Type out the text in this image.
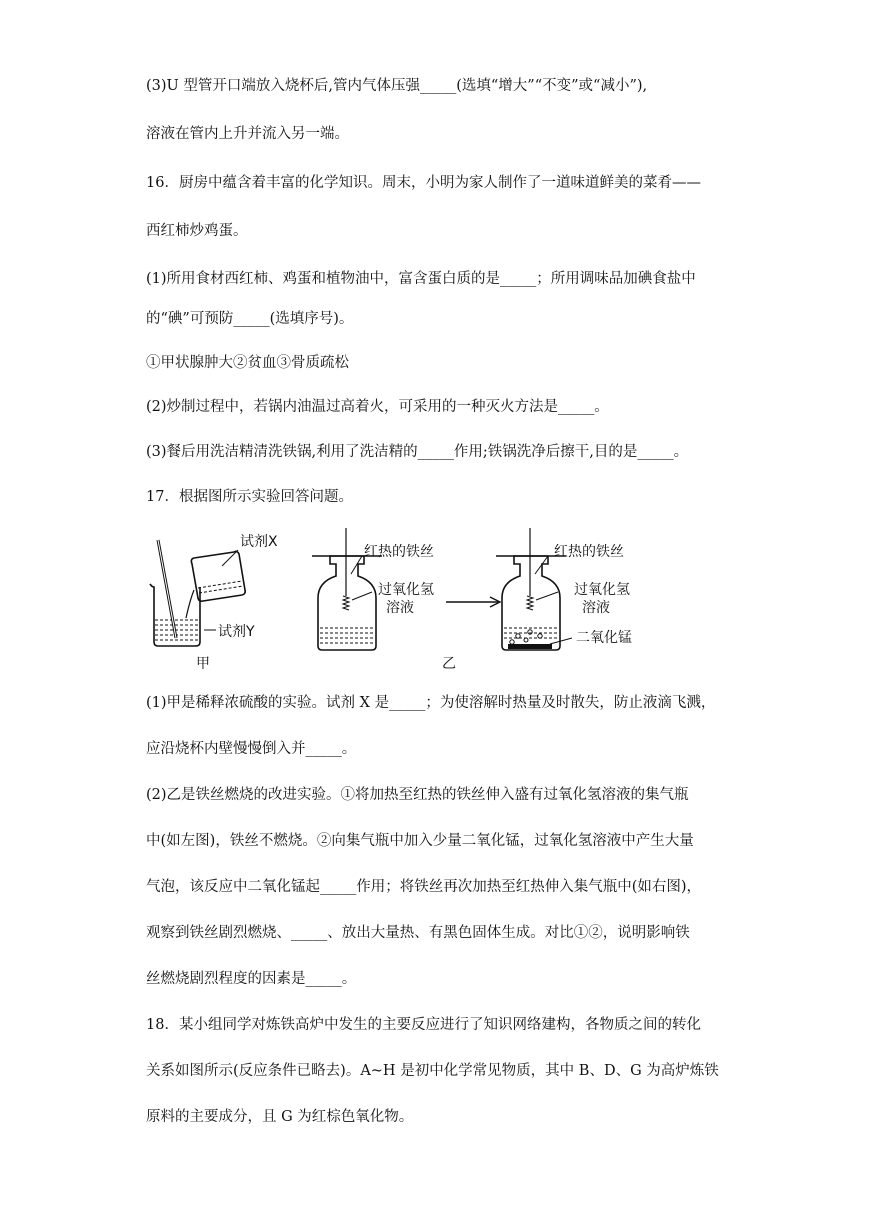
(3)U 型管开口端放入烧杯后,管内气体压强_____(选填“增大”“不变”或“减小”),
溶液在管内上升并流入另一端。
16．厨房中蕴含着丰富的化学知识。周末，小明为家人制作了一道味道鲜美的菜肴——
西红柿炒鸡蛋。
(1)所用食材西红柿、鸡蛋和植物油中，富含蛋白质的是_____；所用调味品加碘食盐中
的“碘”可预防_____(选填序号)。
①甲状腺肿大②贫血③骨质疏松
(2)炒制过程中，若锅内油温过高着火，可采用的一种灭火方法是_____。
(3)餐后用洗洁精清洗铁锅,利用了洗洁精的_____作用;铁锅洗净后擦干,目的是_____。
17．根据图所示实验回答问题。
试剂X
试剂Y
甲
红热的铁丝
过氧化氢
溶液
乙
红热的铁丝
过氧化氢
溶液
二氧化锰
(1)甲是稀释浓硫酸的实验。试剂 X 是_____；为使溶解时热量及时散失，防止液滴飞溅，
应沿烧杯内壁慢慢倒入并_____。
(2)乙是铁丝燃烧的改进实验。①将加热至红热的铁丝伸入盛有过氧化氢溶液的集气瓶
中(如左图)，铁丝不燃烧。②向集气瓶中加入少量二氧化锰，过氧化氢溶液中产生大量
气泡，该反应中二氧化锰起_____作用；将铁丝再次加热至红热伸入集气瓶中(如右图)，
观察到铁丝剧烈燃烧、_____、放出大量热、有黑色固体生成。对比①②，说明影响铁
丝燃烧剧烈程度的因素是_____。
18．某小组同学对炼铁高炉中发生的主要反应进行了知识网络建构，各物质之间的转化
关系如图所示(反应条件已略去)。A~H 是初中化学常见物质，其中 B、D、G 为高炉炼铁
原料的主要成分，且 G 为红棕色氧化物。
